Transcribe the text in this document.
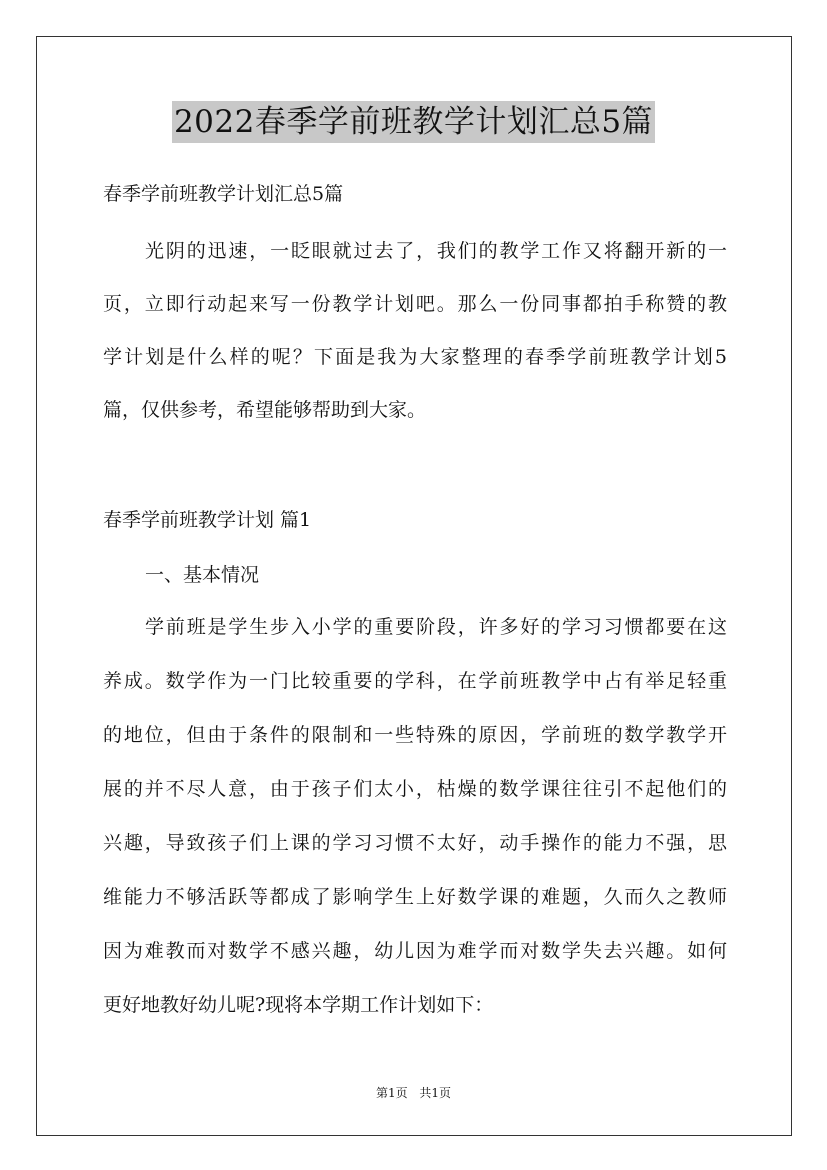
2022春季学前班教学计划汇总5篇
春季学前班教学计划汇总5篇
光阴的迅速，一眨眼就过去了，我们的教学工作又将翻开新的一
页，立即行动起来写一份教学计划吧。那么一份同事都拍手称赞的教
学计划是什么样的呢？下面是我为大家整理的春季学前班教学计划5
篇，仅供参考，希望能够帮助到大家。
春季学前班教学计划 篇1
一、基本情况
学前班是学生步入小学的重要阶段，许多好的学习习惯都要在这
养成。数学作为一门比较重要的学科，在学前班教学中占有举足轻重
的地位，但由于条件的限制和一些特殊的原因，学前班的数学教学开
展的并不尽人意，由于孩子们太小，枯燥的数学课往往引不起他们的
兴趣，导致孩子们上课的学习习惯不太好，动手操作的能力不强，思
维能力不够活跃等都成了影响学生上好数学课的难题，久而久之教师
因为难教而对数学不感兴趣，幼儿因为难学而对数学失去兴趣。如何
更好地教好幼儿呢?现将本学期工作计划如下：
第1页 共1页
